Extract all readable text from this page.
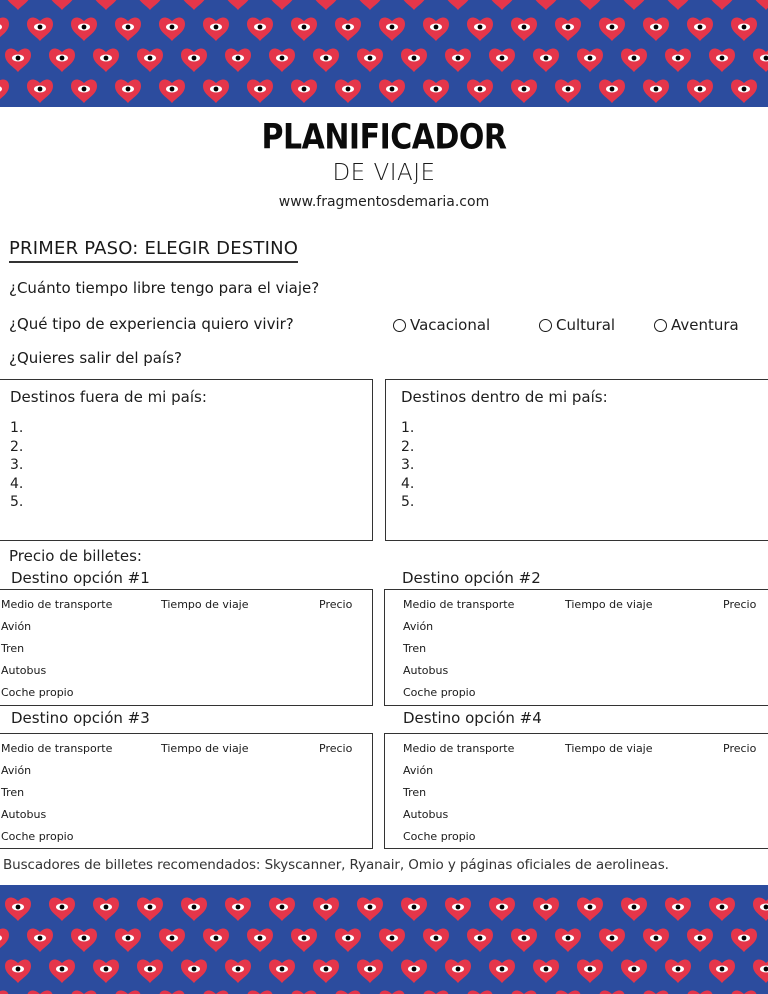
PLANIFICADOR
DE VIAJE
www.fragmentosdemaria.com
PRIMER PASO: ELEGIR DESTINO
¿Cuánto tiempo libre tengo para el viaje?
¿Qué tipo de experiencia quiero vivir?
¿Quieres salir del país?
Vacacional	Cultural	Aventura
Destinos fuera de mi país:
1.
2.
3.
4.
5.
Destinos dentro de mi país:
1.
2.
3.
4.
5.
Precio de billetes:
Destino opción #1	Destino opción #2
Destino opción #3	Destino opción #4
Medio de transporte	Tiempo de viaje	Precio
Avión
Tren
Autobus
Coche propio
Medio de transporte	Tiempo de viaje	Precio
Avión
Tren
Autobus
Coche propio
Medio de transporte	Tiempo de viaje	Precio
Avión
Tren
Autobus
Coche propio
Medio de transporte	Tiempo de viaje	Precio
Avión
Tren
Autobus
Coche propio
Buscadores de billetes recomendados: Skyscanner, Ryanair, Omio y páginas oficiales de aerolineas.
